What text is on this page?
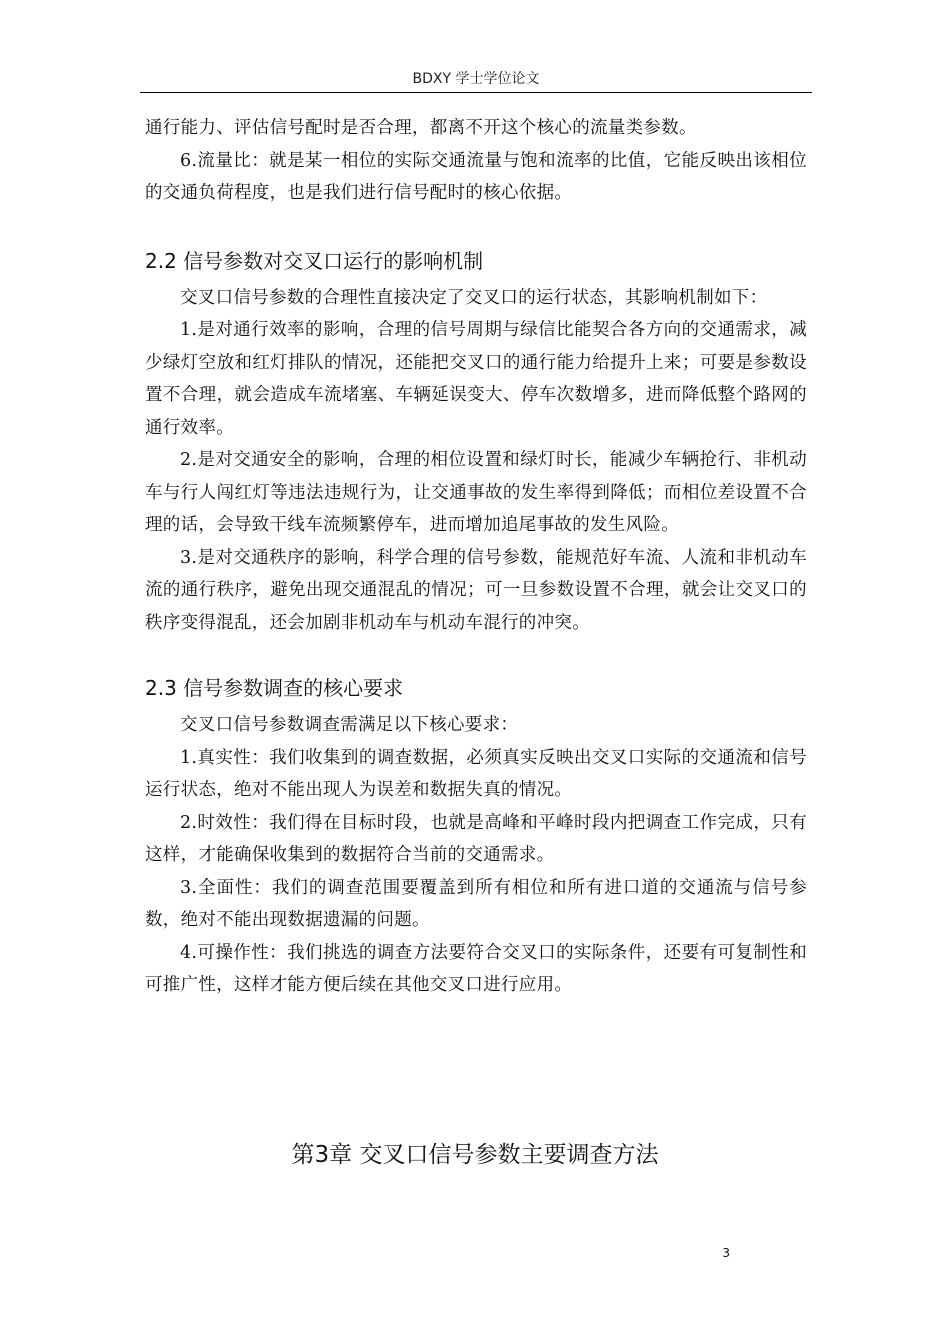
BDXY 学士学位论文

通行能力、评估信号配时是否合理，都离不开这个核心的流量类参数。

6.流量比：就是某一相位的实际交通流量与饱和流率的比值，它能反映出该相位的交通负荷程度，也是我们进行信号配时的核心依据。

2.2 信号参数对交叉口运行的影响机制

交叉口信号参数的合理性直接决定了交叉口的运行状态，其影响机制如下：

1.是对通行效率的影响，合理的信号周期与绿信比能契合各方向的交通需求，减少绿灯空放和红灯排队的情况，还能把交叉口的通行能力给提升上来；可要是参数设置不合理，就会造成车流堵塞、车辆延误变大、停车次数增多，进而降低整个路网的通行效率。

2.是对交通安全的影响，合理的相位设置和绿灯时长，能减少车辆抢行、非机动车与行人闯红灯等违法违规行为，让交通事故的发生率得到降低；而相位差设置不合理的话，会导致干线车流频繁停车，进而增加追尾事故的发生风险。

3.是对交通秩序的影响，科学合理的信号参数，能规范好车流、人流和非机动车流的通行秩序，避免出现交通混乱的情况；可一旦参数设置不合理，就会让交叉口的秩序变得混乱，还会加剧非机动车与机动车混行的冲突。

2.3 信号参数调查的核心要求

交叉口信号参数调查需满足以下核心要求：

1.真实性：我们收集到的调查数据，必须真实反映出交叉口实际的交通流和信号运行状态，绝对不能出现人为误差和数据失真的情况。

2.时效性：我们得在目标时段，也就是高峰和平峰时段内把调查工作完成，只有这样，才能确保收集到的数据符合当前的交通需求。

3.全面性：我们的调查范围要覆盖到所有相位和所有进口道的交通流与信号参数，绝对不能出现数据遗漏的问题。

4.可操作性：我们挑选的调查方法要符合交叉口的实际条件，还要有可复制性和可推广性，这样才能方便后续在其他交叉口进行应用。

第3章 交叉口信号参数主要调查方法
3
